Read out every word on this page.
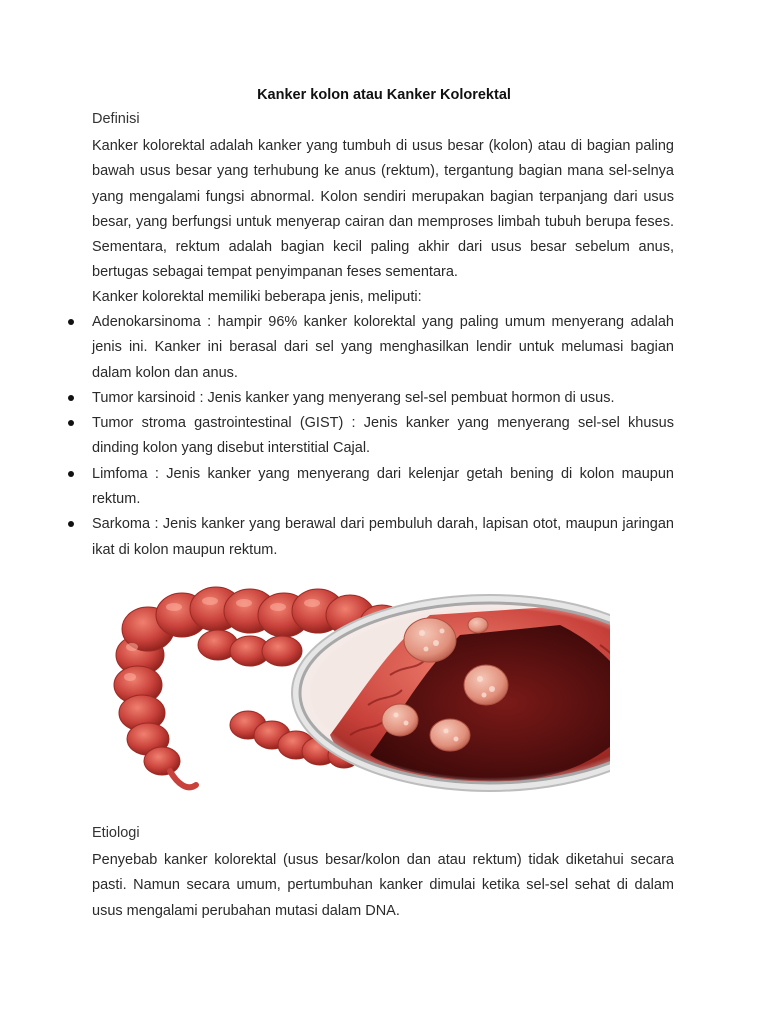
Kanker kolon atau Kanker Kolorektal
Definisi

Kanker kolorektal adalah kanker yang tumbuh di usus besar (kolon) atau di bagian paling bawah usus besar yang terhubung ke anus (rektum), tergantung bagian mana sel-selnya yang mengalami fungsi abnormal. Kolon sendiri merupakan bagian terpanjang dari usus besar, yang berfungsi untuk menyerap cairan dan memproses limbah tubuh berupa feses. Sementara, rektum adalah bagian kecil paling akhir dari usus besar sebelum anus, bertugas sebagai tempat penyimpanan feses sementara.

Kanker kolorektal memiliki beberapa jenis, meliputi:

Adenokarsinoma : hampir 96% kanker kolorektal yang paling umum menyerang adalah jenis ini. Kanker ini berasal dari sel yang menghasilkan lendir untuk melumasi bagian dalam kolon dan anus.
Tumor karsinoid : Jenis kanker yang menyerang sel-sel pembuat hormon di usus.
Tumor stroma gastrointestinal (GIST) : Jenis kanker yang menyerang sel-sel khusus dinding kolon yang disebut interstitial Cajal.
Limfoma : Jenis kanker yang menyerang dari kelenjar getah bening di kolon maupun rektum.
Sarkoma : Jenis kanker yang berawal dari pembuluh darah, lapisan otot, maupun jaringan ikat di kolon maupun rektum.
Etiologi

Penyebab kanker kolorektal (usus besar/kolon dan atau rektum) tidak diketahui secara pasti. Namun secara umum, pertumbuhan kanker dimulai ketika sel-sel sehat di dalam usus mengalami perubahan mutasi dalam DNA.
